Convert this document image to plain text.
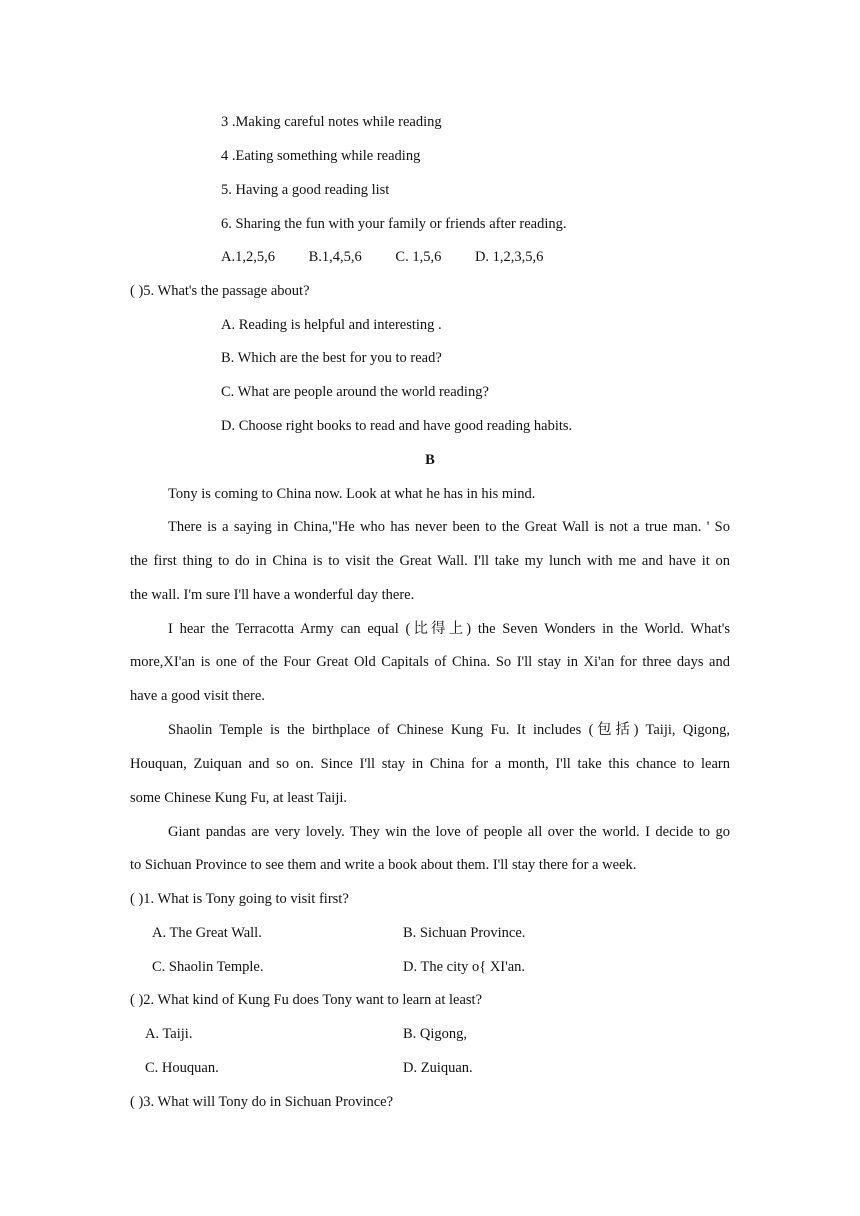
3 .Making careful notes while reading
4 .Eating something while reading
5. Having a good reading list
6. Sharing the fun with your family or friends after reading.
A.1,2,5,6 B.1,4,5,6 C. 1,5,6 D. 1,2,3,5,6
( )5. What's the passage about?
A. Reading is helpful and interesting .
B. Which are the best for you to read?
C. What are people around the world reading?
D. Choose right books to read and have good reading habits.
B
Tony is coming to China now. Look at what he has in his mind.
There is a saying in China,"He who has never been to the Great Wall is not a true man. ' So
the first thing to do in China is to visit the Great Wall. I'll take my lunch with me and have it on
the wall. I'm sure I'll have a wonderful day there.
I hear the Terracotta Army can equal (比得上) the Seven Wonders in the World. What's
more,XI'an is one of the Four Great Old Capitals of China. So I'll stay in Xi'an for three days and
have a good visit there.
Shaolin Temple is the birthplace of Chinese Kung Fu. It includes (包括) Taiji, Qigong,
Houquan, Zuiquan and so on. Since I'll stay in China for a month, I'll take this chance to learn
some Chinese Kung Fu, at least Taiji.
Giant pandas are very lovely. They win the love of people all over the world. I decide to go
to Sichuan Province to see them and write a book about them. I'll stay there for a week.
( )1. What is Tony going to visit first?
A. The Great Wall.	B. Sichuan Province.
C. Shaolin Temple.	D. The city o{ XI'an.
( )2. What kind of Kung Fu does Tony want to learn at least?
A. Taiji.	B. Qigong,
C. Houquan.	D. Zuiquan.
( )3. What will Tony do in Sichuan Province?
